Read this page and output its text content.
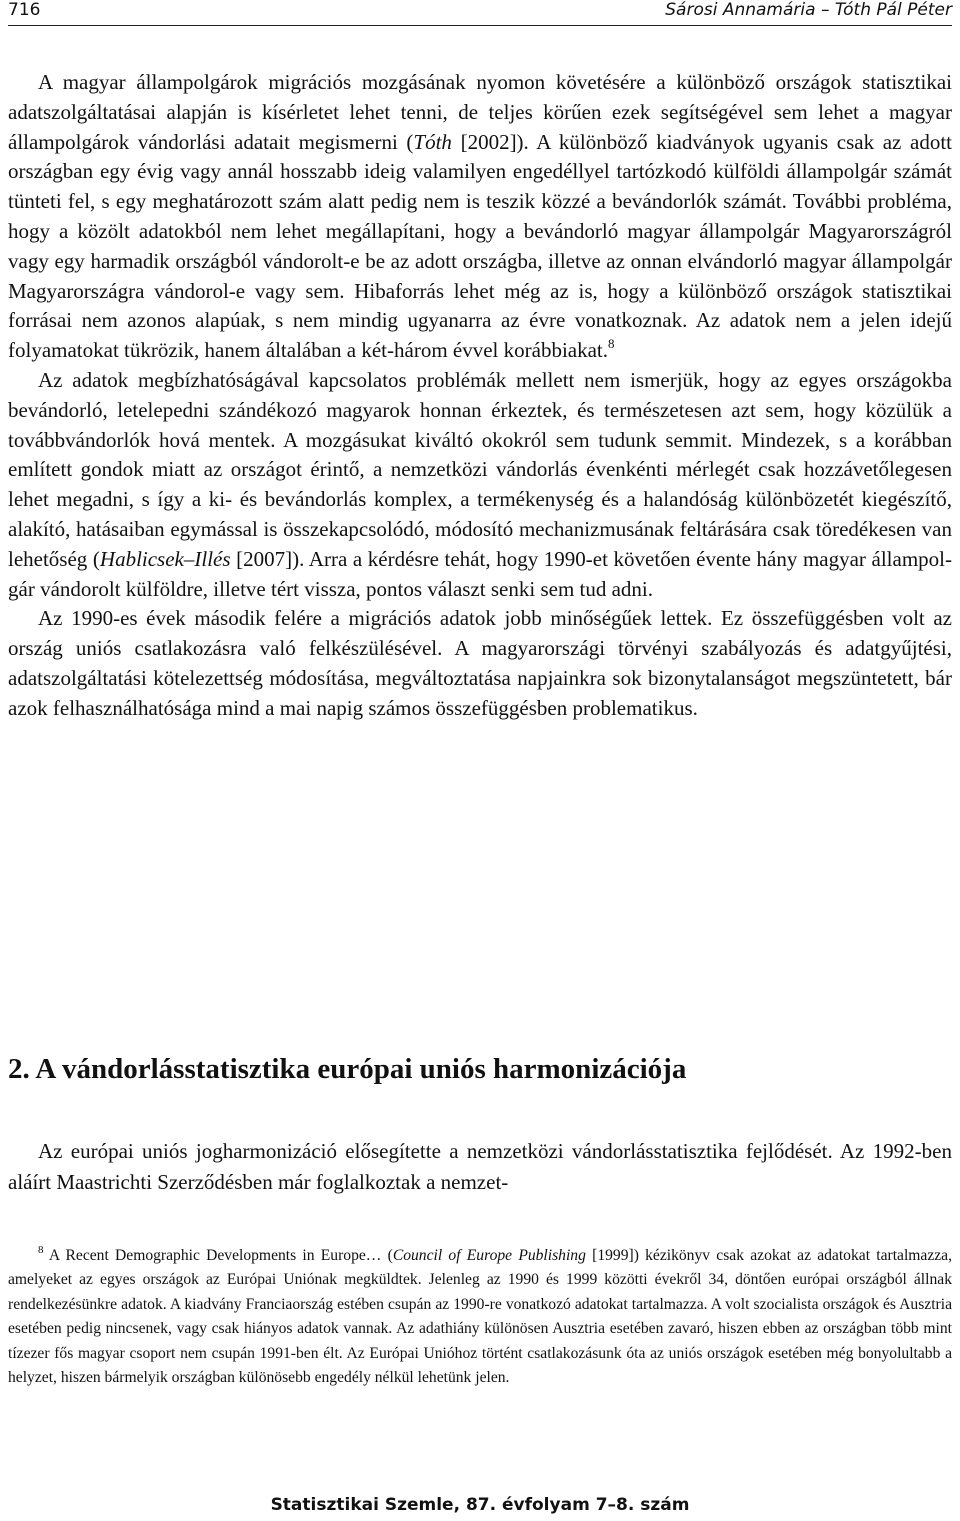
716	Sárosi Annamária – Tóth Pál Péter

A magyar állampolgárok migrációs mozgásának nyomon követésére a különböző országok statisztikai adatszolgáltatásai alapján is kísérletet lehet tenni, de teljes körűen ezek segítségével sem lehet a magyar állampolgárok vándorlási adatait megismerni (Tóth [2002]). A különböző kiadványok ugyanis csak az adott országban egy évig vagy annál hosszabb ideig valamilyen engedéllyel tartózkodó külföldi állampolgár számát tünteti fel, s egy meghatározott szám alatt pedig nem is teszik közzé a bevándorlók számát. További probléma, hogy a közölt adatokból nem lehet megállapítani, hogy a bevándorló magyar állampolgár Magyarországról vagy egy harmadik országból vándorolt-e be az adott országba, illetve az onnan elvándorló magyar állampolgár Magyarországra vándorol-e vagy sem. Hibaforrás lehet még az is, hogy a különböző országok statisztikai forrásai nem azonos alapúak, s nem mindig ugyanarra az évre vonatkoznak. Az adatok nem a jelen idejű folyamatokat tükrözik, hanem általában a két-három évvel korábbiakat.$^8$

Az adatok megbízhatóságával kapcsolatos problémák mellett nem ismerjük, hogy az egyes országokba bevándorló, letelepedni szándékozó magyarok honnan érkeztek, és természetesen azt sem, hogy közülük a továbbvándorlók hová mentek. A mozgásukat kiváltó okokról sem tudunk semmit. Mindezek, s a korábban említett gondok miatt az országot érintő, a nemzetközi vándorlás évenkénti mérlegét csak hozzávetőlegesen lehet megadni, s így a ki- és bevándorlás komplex, a termékenység és a halandóság különbözetét kiegészítő, alakító, hatásaiban egymással is összekapcsolódó, módosító mechanizmusának feltárására csak töredékesen van lehetőség (Hablicsek–Illés [2007]). Arra a kérdésre tehát, hogy 1990-et követően évente hány magyar állampolgár vándorolt külföldre, illetve tért vissza, pontos választ senki sem tud adni.

Az 1990-es évek második felére a migrációs adatok jobb minőségűek lettek. Ez összefüggésben volt az ország uniós csatlakozásra való felkészülésével. A magyarországi törvényi szabályozás és adatgyűjtési, adatszolgáltatási kötelezettség módosítása, megváltoztatása napjainkra sok bizonytalanságot megszüntetett, bár azok felhasználhatósága mind a mai napig számos összefüggésben problematikus.

2. A vándorlásstatisztika európai uniós harmonizációja

Az európai uniós jogharmonizáció elősegítette a nemzetközi vándorlásstatisztika fejlődését. Az 1992-ben aláírt Maastrichti Szerződésben már foglalkoztak a nemzet-

$^8$ A Recent Demographic Developments in Europe… (Council of Europe Publishing [1999]) kézikönyv csak azokat az adatokat tartalmazza, amelyeket az egyes országok az Európai Uniónak megküldtek. Jelenleg az 1990 és 1999 közötti évekről 34, döntően európai országból állnak rendelkezésünkre adatok. A kiadvány Franciaország estében csupán az 1990-re vonatkozó adatokat tartalmazza. A volt szocialista országok és Ausztria esetében pedig nincsenek, vagy csak hiányos adatok vannak. Az adathiány különösen Ausztria esetében zavaró, hiszen ebben az országban több mint tízezer fős magyar csoport nem csupán 1991-ben élt. Az Európai Unióhoz történt csatlakozásunk óta az uniós országok esetében még bonyolultabb a helyzet, hiszen bármelyik országban különösebb engedély nélkül lehetünk jelen.

Statisztikai Szemle, 87. évfolyam 7–8. szám
